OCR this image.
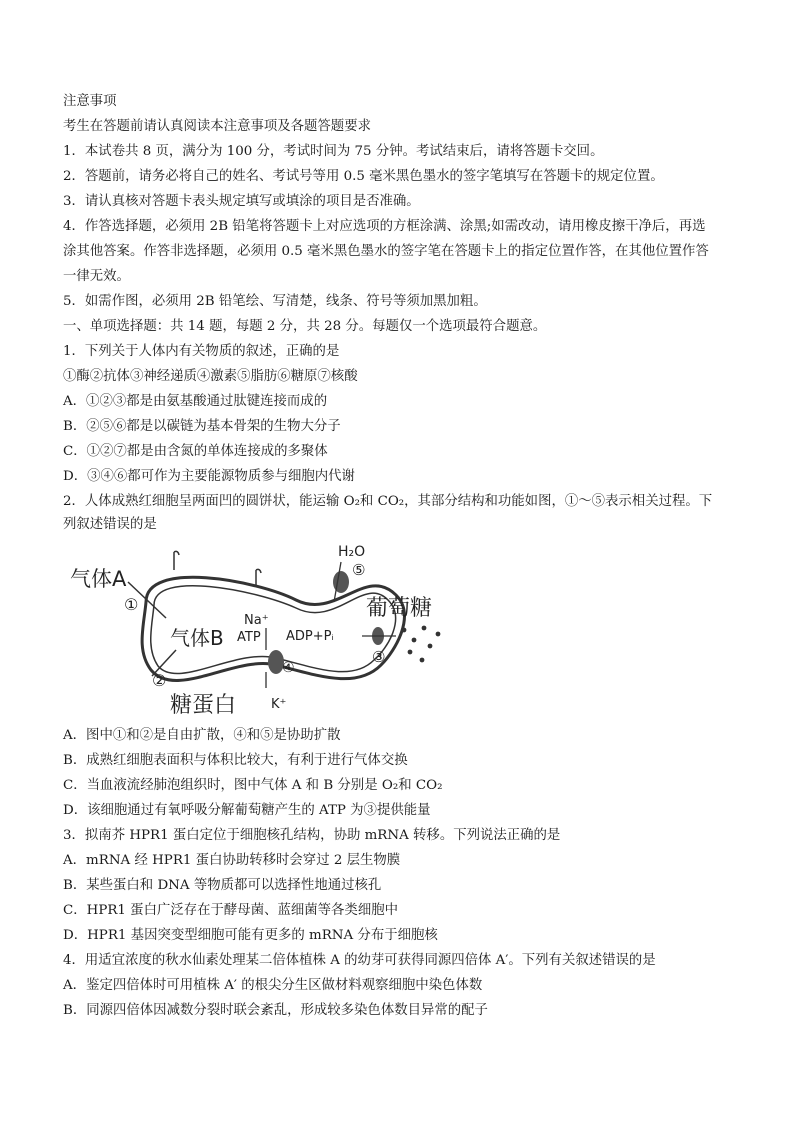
注意事项
考生在答题前请认真阅读本注意事项及各题答题要求
1．本试卷共 8 页，满分为 100 分，考试时间为 75 分钟。考试结束后，请将答题卡交回。
2．答题前，请务必将自己的姓名、考试号等用 0.5 毫米黑色墨水的签字笔填写在答题卡的规定位置。
3．请认真核对答题卡表头规定填写或填涂的项目是否准确。
4．作答选择题，必须用 2B 铅笔将答题卡上对应选项的方框涂满、涂黑;如需改动，请用橡皮擦干净后，再选
涂其他答案。作答非选择题，必须用 0.5 毫米黑色墨水的签字笔在答题卡上的指定位置作答，在其他位置作答
一律无效。
5．如需作图，必须用 2B 铅笔绘、写清楚，线条、符号等须加黑加粗。
一、单项选择题：共 14 题，每题 2 分，共 28 分。每题仅一个选项最符合题意。
1．下列关于人体内有关物质的叙述，正确的是
①酶②抗体③神经递质④激素⑤脂肪⑥糖原⑦核酸
A．①②③都是由氨基酸通过肽键连接而成的
B．②⑤⑥都是以碳链为基本骨架的生物大分子
C．①②⑦都是由含氮的单体连接成的多聚体
D．③④⑥都可作为主要能源物质参与细胞内代谢
2．人体成熟红细胞呈两面凹的圆饼状，能运输 O₂和 CO₂，其部分结构和功能如图，①～⑤表示相关过程。下
列叙述错误的是
气体A
①
气体B
②
糖蛋白
Na⁺
ATP ADP+Pᵢ
K⁺
④
H₂O
⑤
葡萄糖
③
A．图中①和②是自由扩散，④和⑤是协助扩散
B．成熟红细胞表面积与体积比较大，有利于进行气体交换
C．当血液流经肺泡组织时，图中气体 A 和 B 分别是 O₂和 CO₂
D．该细胞通过有氧呼吸分解葡萄糖产生的 ATP 为③提供能量
3．拟南芥 HPR1 蛋白定位于细胞核孔结构，协助 mRNA 转移。下列说法正确的是
A．mRNA 经 HPR1 蛋白协助转移时会穿过 2 层生物膜
B．某些蛋白和 DNA 等物质都可以选择性地通过核孔
C．HPR1 蛋白广泛存在于酵母菌、蓝细菌等各类细胞中
D．HPR1 基因突变型细胞可能有更多的 mRNA 分布于细胞核
4．用适宜浓度的秋水仙素处理某二倍体植株 A 的幼芽可获得同源四倍体 A′。下列有关叙述错误的是
A．鉴定四倍体时可用植株 A′ 的根尖分生区做材料观察细胞中染色体数
B．同源四倍体因减数分裂时联会紊乱，形成较多染色体数目异常的配子
